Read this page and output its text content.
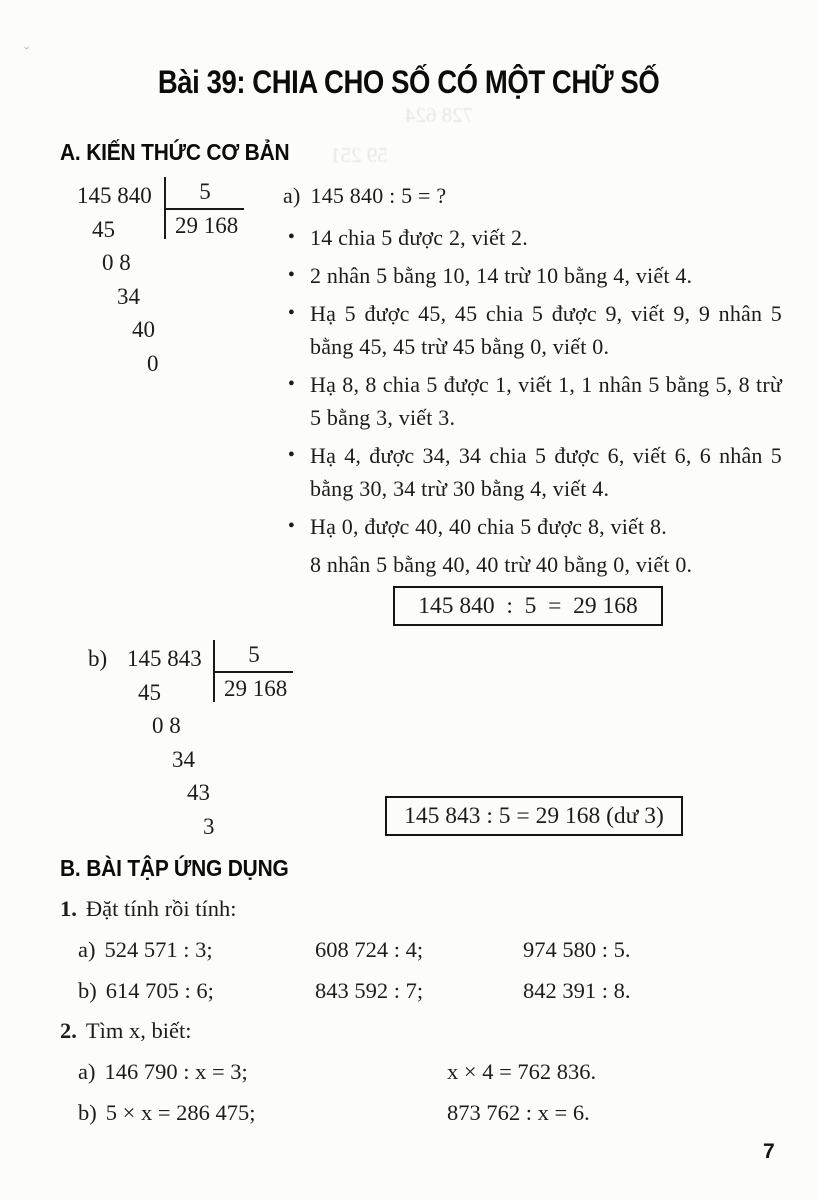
ˬ
728 624
59 251
Bài 39: CHIA CHO SỐ CÓ MỘT CHỮ SỐ
A. KIẾN THỨC CƠ BẢN
145 840
45
0 8
34
40
0
5
29 168
a) 145 840 : 5 = ?
• 14 chia 5 được 2, viết 2.
• 2 nhân 5 bằng 10, 14 trừ 10 bằng 4, viết 4.
• Hạ 5 được 45, 45 chia 5 được 9, viết 9, 9 nhân 5 bằng 45, 45 trừ 45 bằng 0, viết 0.
• Hạ 8, 8 chia 5 được 1, viết 1, 1 nhân 5 bằng 5, 8 trừ 5 bằng 3, viết 3.
• Hạ 4, được 34, 34 chia 5 được 6, viết 6, 6 nhân 5 bằng 30, 34 trừ 30 bằng 4, viết 4.
• Hạ 0, được 40, 40 chia 5 được 8, viết 8.
8 nhân 5 bằng 40, 40 trừ 40 bằng 0, viết 0.
145 840  :  5  =  29 168
b) 145 843
45
0 8
34
43
3
5
29 168
145 843 : 5 = 29 168 (dư 3)
B. BÀI TẬP ỨNG DỤNG
1. Đặt tính rồi tính:
a) 524 571 : 3;	608 724 : 4;	974 580 : 5.
b) 614 705 : 6;	843 592 : 7;	842 391 : 8.
2. Tìm x, biết:
a) 146 790 : x = 3;	x × 4 = 762 836.
b) 5 × x = 286 475;	873 762 : x = 6.
7
